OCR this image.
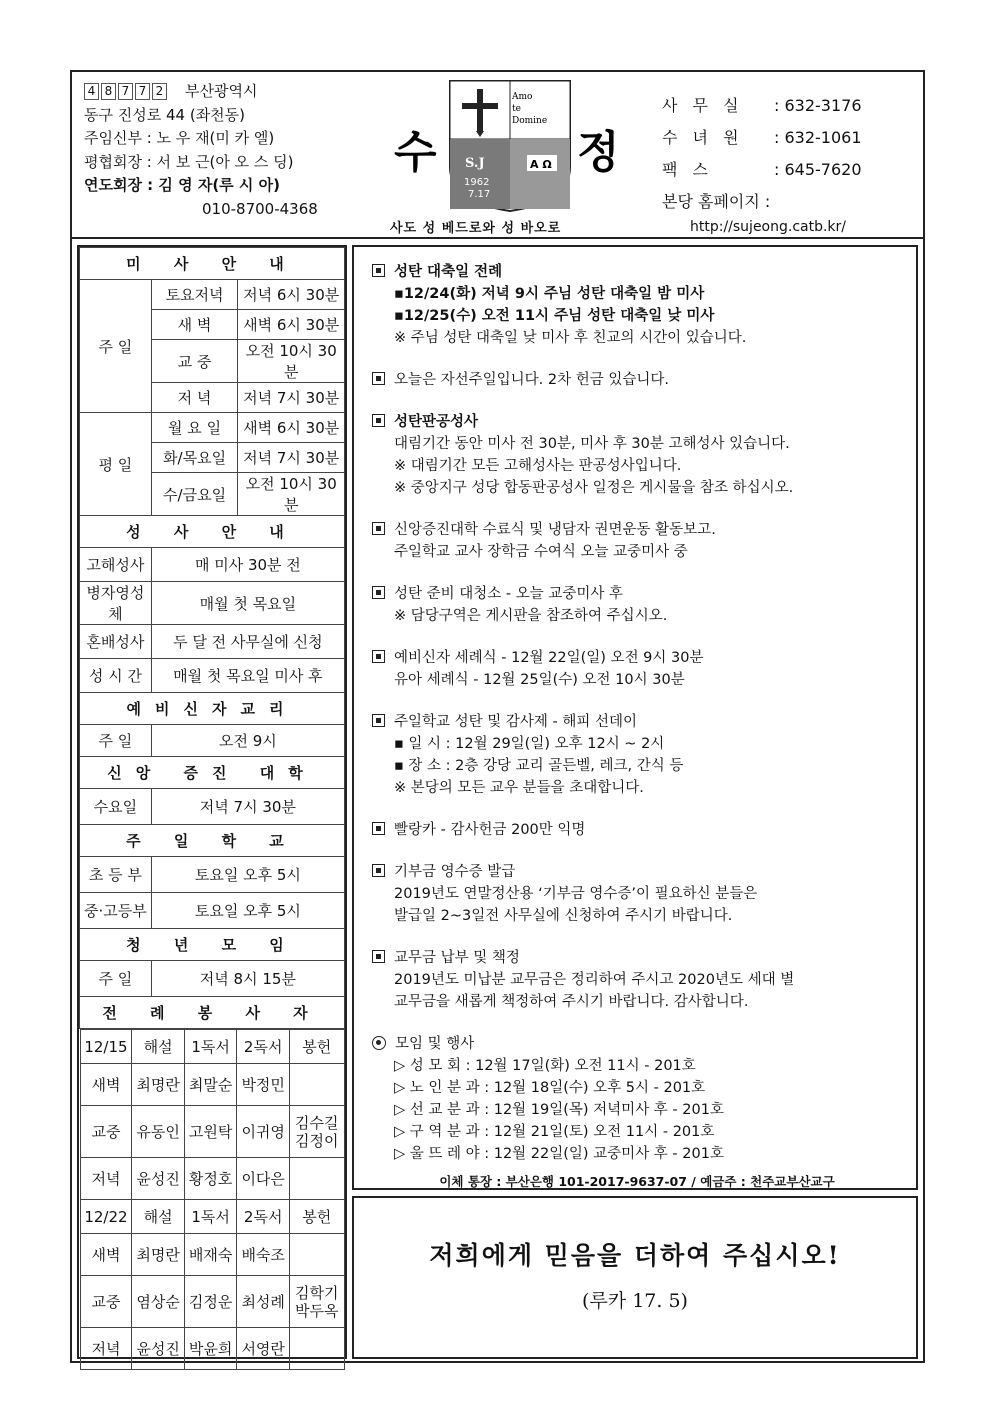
4 8 7 7 2 부산광역시
동구 진성로 44 (좌천동)
주임신부 : 노 우 재(미 카 엘)
평협회장 : 서 보 근(아 오 스 딩)
연도회장 : 김 영 자(루 시 아)
010-8700-4368
Amo
te
Domine
S.J
1962
7.17
Α Ω
수	정
사도 성 베드로와 성 바오로
사 무 실 : 632-3176
수 녀 원 : 632-1061
팩 스	: 645-7620
본당 홈페이지 :
http://sujeong.catb.kr/
미 사 안 내
주 일	토요저녁	저녁 6시 30분
새 벽	새벽 6시 30분
교 중	오전 10시 30분
저 녁	저녁 7시 30분
평 일	월 요 일	새벽 6시 30분
화/목요일	저녁 7시 30분
수/금요일	오전 10시 30분
성 사 안 내
고해성사	매 미사 30분 전
병자영성체	매월 첫 목요일
혼배성사	두 달 전 사무실에 신청
성 시 간	매월 첫 목요일 미사 후
예비신자교리
주 일	오전 9시
신앙 증진 대학
수요일	저녁 7시 30분
주 일 학 교
초 등 부	토요일 오후 5시
중·고등부	토요일 오후 5시
청 년 모 임
주 일	저녁 8시 15분
전 례 봉 사 자

12/15	해설	1독서	2독서	봉헌
새벽	최명란	최말순	박정민	
교중	유동인	고원탁	이귀영	김수길
김정이
저녁	윤성진	황정호	이다은	
12/22	해설	1독서	2독서	봉헌
새벽	최명란	배재숙	배숙조	
교중	염상순	김정운	최성례	김학기
박두옥
저녁	윤성진	박윤희	서영란	
성탄 대축일 전례
▪12/24(화) 저녁 9시 주님 성탄 대축일 밤 미사
▪12/25(수) 오전 11시 주님 성탄 대축일 낮 미사
※ 주님 성탄 대축일 낮 미사 후 친교의 시간이 있습니다.
오늘은 자선주일입니다. 2차 헌금 있습니다.
성탄판공성사
대림기간 동안 미사 전 30분, 미사 후 30분 고해성사 있습니다.
※ 대림기간 모든 고해성사는 판공성사입니다.
※ 중앙지구 성당 합동판공성사 일정은 게시물을 참조 하십시오.
신앙증진대학 수료식 및 냉담자 권면운동 활동보고.
주일학교 교사 장학금 수여식 오늘 교중미사 중
성탄 준비 대청소 - 오늘 교중미사 후
※ 담당구역은 게시판을 참조하여 주십시오.
예비신자 세례식 - 12월 22일(일) 오전 9시 30분
유아 세례식 - 12월 25일(수) 오전 10시 30분
주일학교 성탄 및 감사제 - 해피 선데이
▪ 일 시 : 12월 29일(일) 오후 12시 ~ 2시
▪ 장 소 : 2층 강당 교리 골든벨, 레크, 간식 등
※ 본당의 모든 교우 분들을 초대합니다.
빨랑카 - 감사헌금 200만 익명
기부금 영수증 발급
2019년도 연말정산용 ‘기부금 영수증’이 필요하신 분들은
발급일 2~3일전 사무실에 신청하여 주시기 바랍니다.
교무금 납부 및 책정
2019년도 미납분 교무금은 정리하여 주시고 2020년도 세대 별
교무금을 새롭게 책정하여 주시기 바랍니다. 감사합니다.
모임 및 행사
▷ 성 모 회 : 12월 17일(화) 오전 11시 - 201호
▷ 노 인 분 과 : 12월 18일(수) 오후 5시 - 201호
▷ 선 교 분 과 : 12월 19일(목) 저녁미사 후 - 201호
▷ 구 역 분 과 : 12월 21일(토) 오전 11시 - 201호
▷ 울 뜨 레 야 : 12월 22일(일) 교중미사 후 - 201호
이체 통장 : 부산은행 101-2017-9637-07 / 예금주 : 천주교부산교구
저희에게 믿음을 더하여 주십시오!
(루카 17. 5)
